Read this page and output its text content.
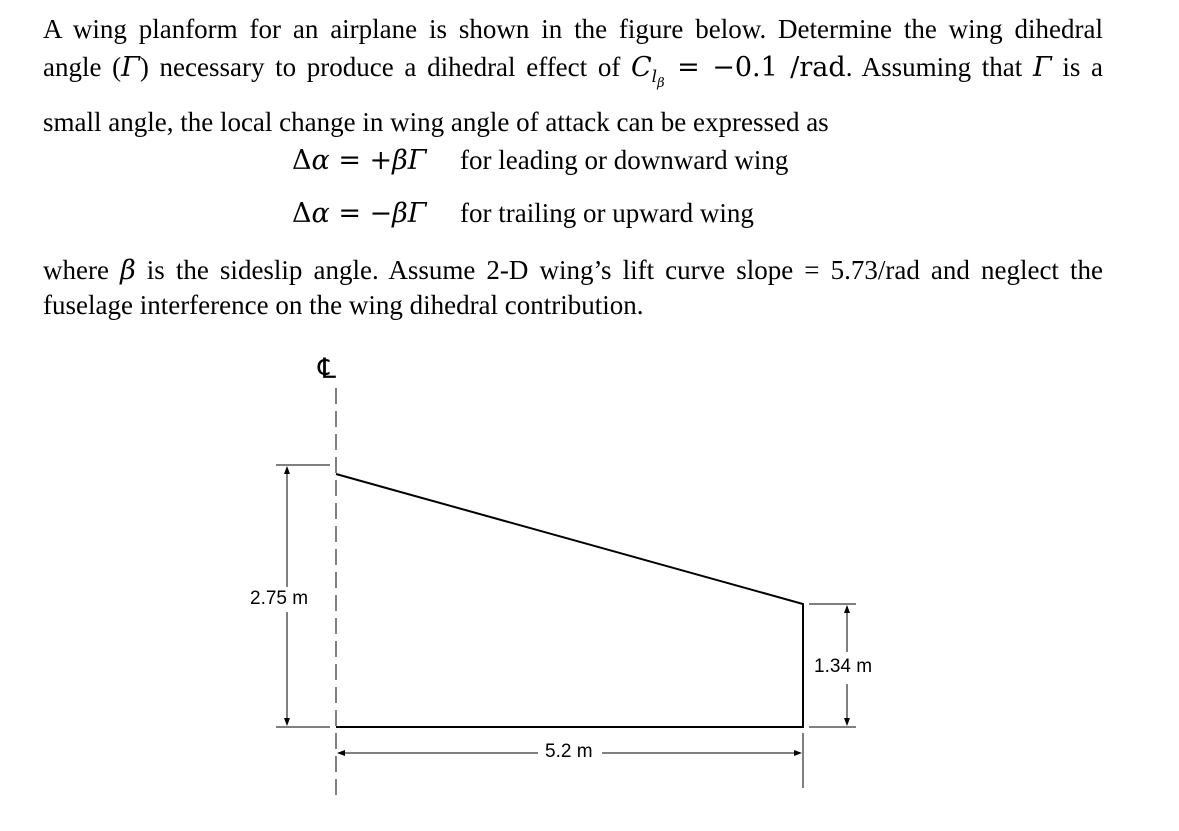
A wing planform for an airplane is shown in the figure below. Determine the wing dihedral
angle (Γ) necessary to produce a dihedral effect of $C_{l_\beta} = -0.1$ /rad. Assuming that Γ is a
small angle, the local change in wing angle of attack can be expressed as
Δα = +βΓ for leading or downward wing
Δα = −βΓ for trailing or upward wing
where β is the sideslip angle. Assume 2-D wing’s lift curve slope = 5.73/rad and neglect the
fuselage interference on the wing dihedral contribution.
℄
2.75 m
1.34 m
5.2 m
